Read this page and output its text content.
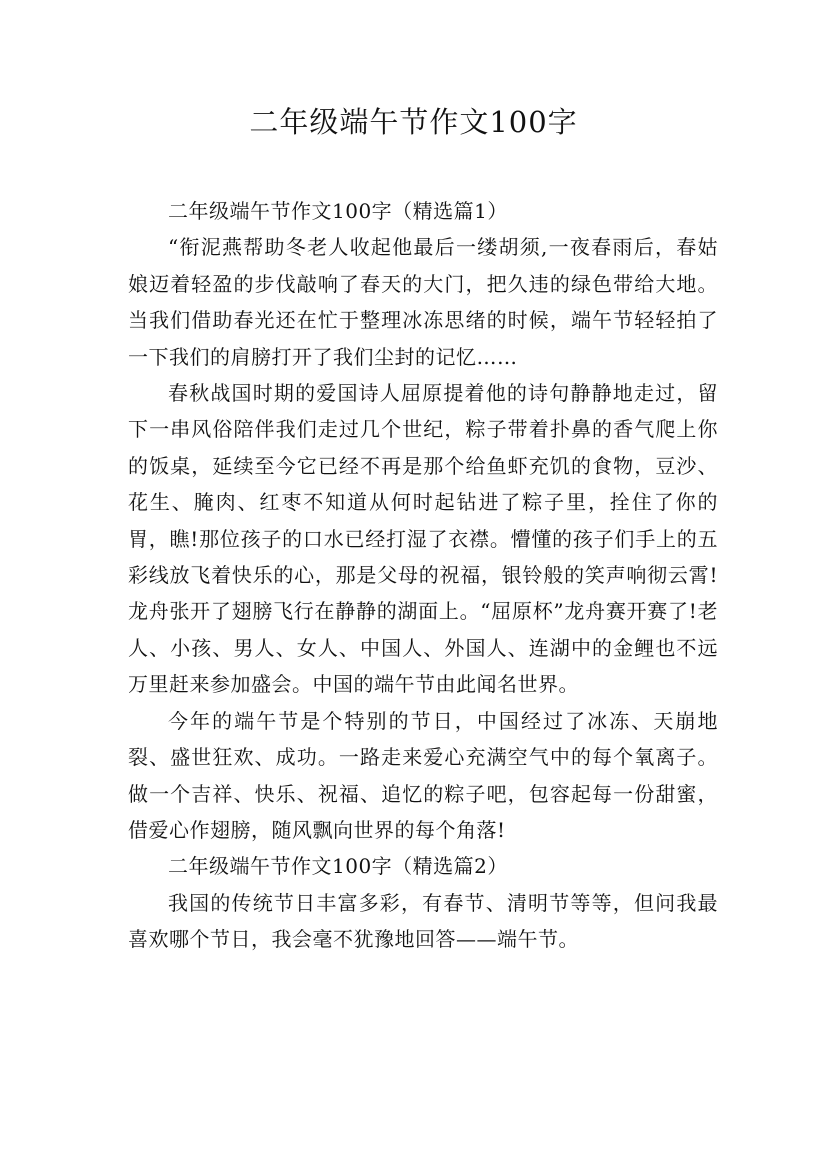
二年级端午节作文100字

二年级端午节作文100字（精选篇1）

“衔泥燕帮助冬老人收起他最后一缕胡须,一夜春雨后，春姑娘迈着轻盈的步伐敲响了春天的大门，把久违的绿色带给大地。当我们借助春光还在忙于整理冰冻思绪的时候，端午节轻轻拍了一下我们的肩膀打开了我们尘封的记忆……

春秋战国时期的爱国诗人屈原提着他的诗句静静地走过，留下一串风俗陪伴我们走过几个世纪，粽子带着扑鼻的香气爬上你的饭桌，延续至今它已经不再是那个给鱼虾充饥的食物，豆沙、花生、腌肉、红枣不知道从何时起钻进了粽子里，拴住了你的胃，瞧!那位孩子的口水已经打湿了衣襟。懵懂的孩子们手上的五彩线放飞着快乐的心，那是父母的祝福，银铃般的笑声响彻云霄!龙舟张开了翅膀飞行在静静的湖面上。“屈原杯”龙舟赛开赛了!老人、小孩、男人、女人、中国人、外国人、连湖中的金鲤也不远万里赶来参加盛会。中国的端午节由此闻名世界。

今年的端午节是个特别的节日，中国经过了冰冻、天崩地裂、盛世狂欢、成功。一路走来爱心充满空气中的每个氧离子。做一个吉祥、快乐、祝福、追忆的粽子吧，包容起每一份甜蜜，借爱心作翅膀，随风飘向世界的每个角落!

二年级端午节作文100字（精选篇2）

我国的传统节日丰富多彩，有春节、清明节等等，但问我最喜欢哪个节日，我会毫不犹豫地回答——端午节。
